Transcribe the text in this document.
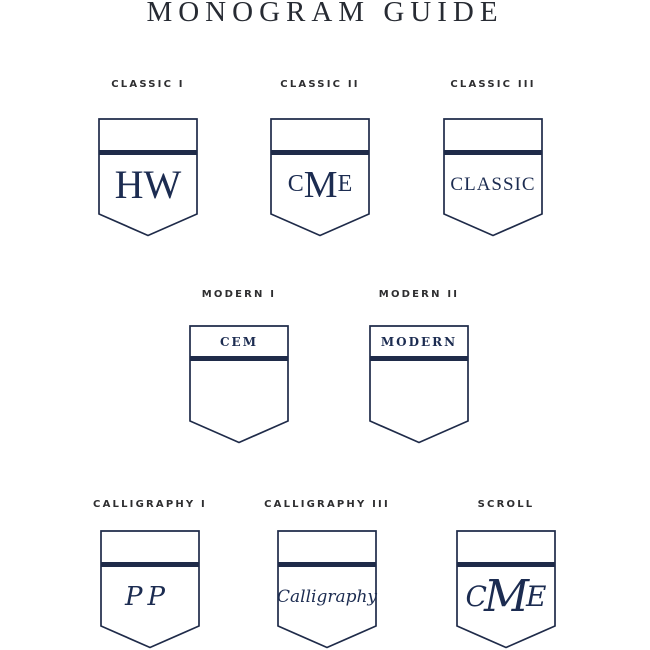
MONOGRAM GUIDE
CLASSIC I
HW
CLASSIC II
C M E
CLASSIC III
CLASSIC
MODERN I
CEM
MODERN II
MODERN
CALLIGRAPHY I
PP
CALLIGRAPHY III
Calligraphy
SCROLL
C M E
